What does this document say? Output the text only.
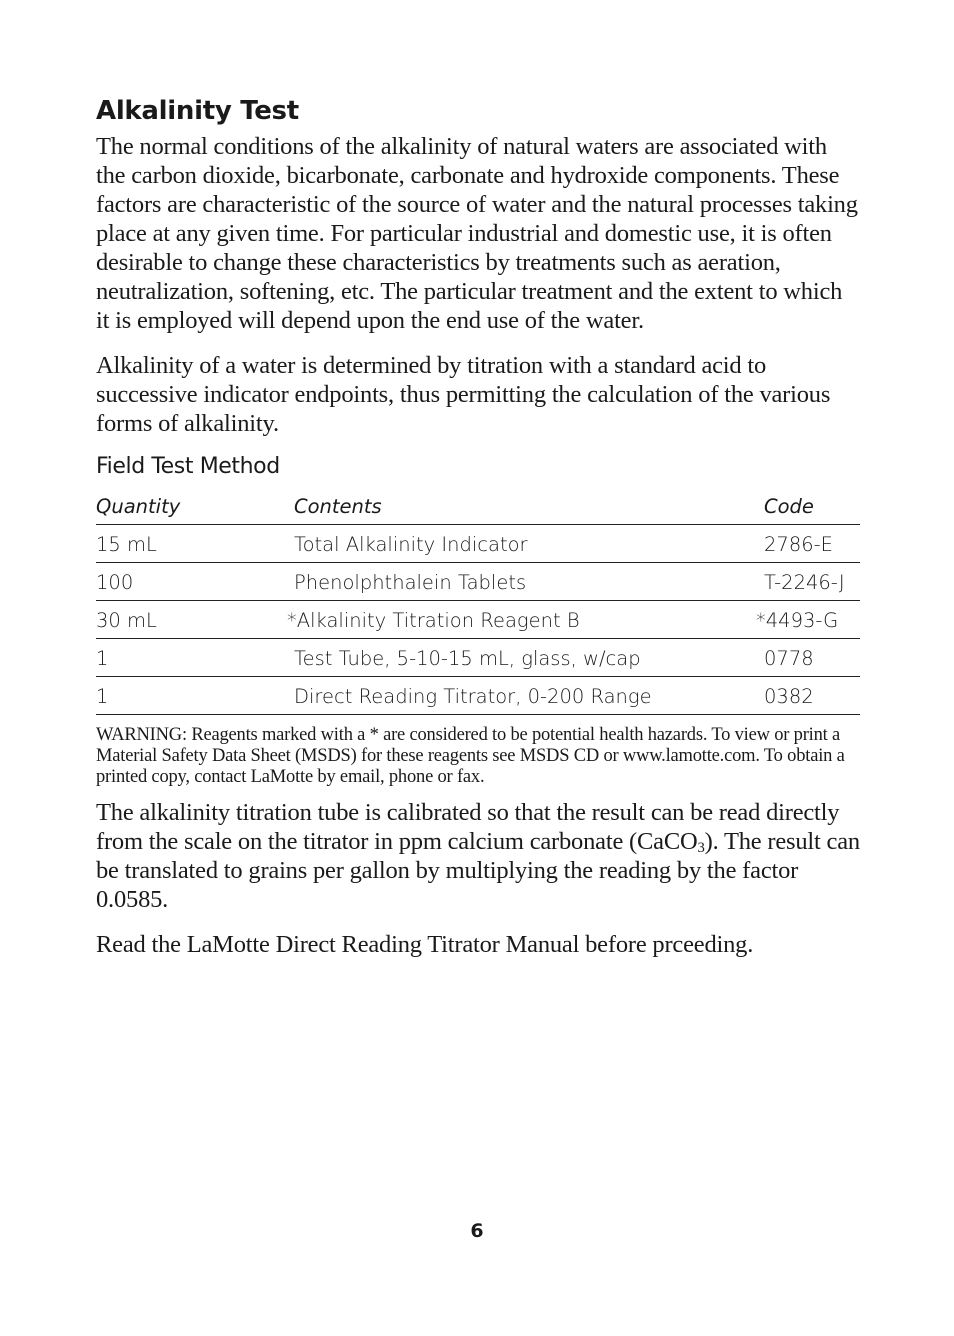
Alkalinity Test

The normal conditions of the alkalinity of natural waters are associated with the carbon dioxide, bicarbonate, carbonate and hydroxide components. These factors are characteristic of the source of water and the natural processes taking place at any given time. For particular industrial and domestic use, it is often desirable to change these characteristics by treatments such as aeration, neutralization, softening, etc. The particular treatment and the extent to which it is employed will depend upon the end use of the water.

Alkalinity of a water is determined by titration with a standard acid to successive indicator endpoints, thus permitting the calculation of the various forms of alkalinity.

Field Test Method
Quantity	Contents	Code
15 mL	Total Alkalinity Indicator	2786-E
100	Phenolphthalein Tablets	T-2246-J
30 mL	*Alkalinity Titration Reagent B	*4493-G
1	Test Tube, 5-10-15 mL, glass, w/cap	0778
1	Direct Reading Titrator, 0-200 Range	0382

WARNING: Reagents marked with a * are considered to be potential health hazards. To view or print a Material Safety Data Sheet (MSDS) for these reagents see MSDS CD or www.lamotte.com. To obtain a printed copy, contact LaMotte by email, phone or fax.

The alkalinity titration tube is calibrated so that the result can be read directly from the scale on the titrator in ppm calcium carbonate (CaCO$_3$). The result can be translated to grains per gallon by multiplying the reading by the factor 0.0585.

Read the LaMotte Direct Reading Titrator Manual before prceeding.

6
